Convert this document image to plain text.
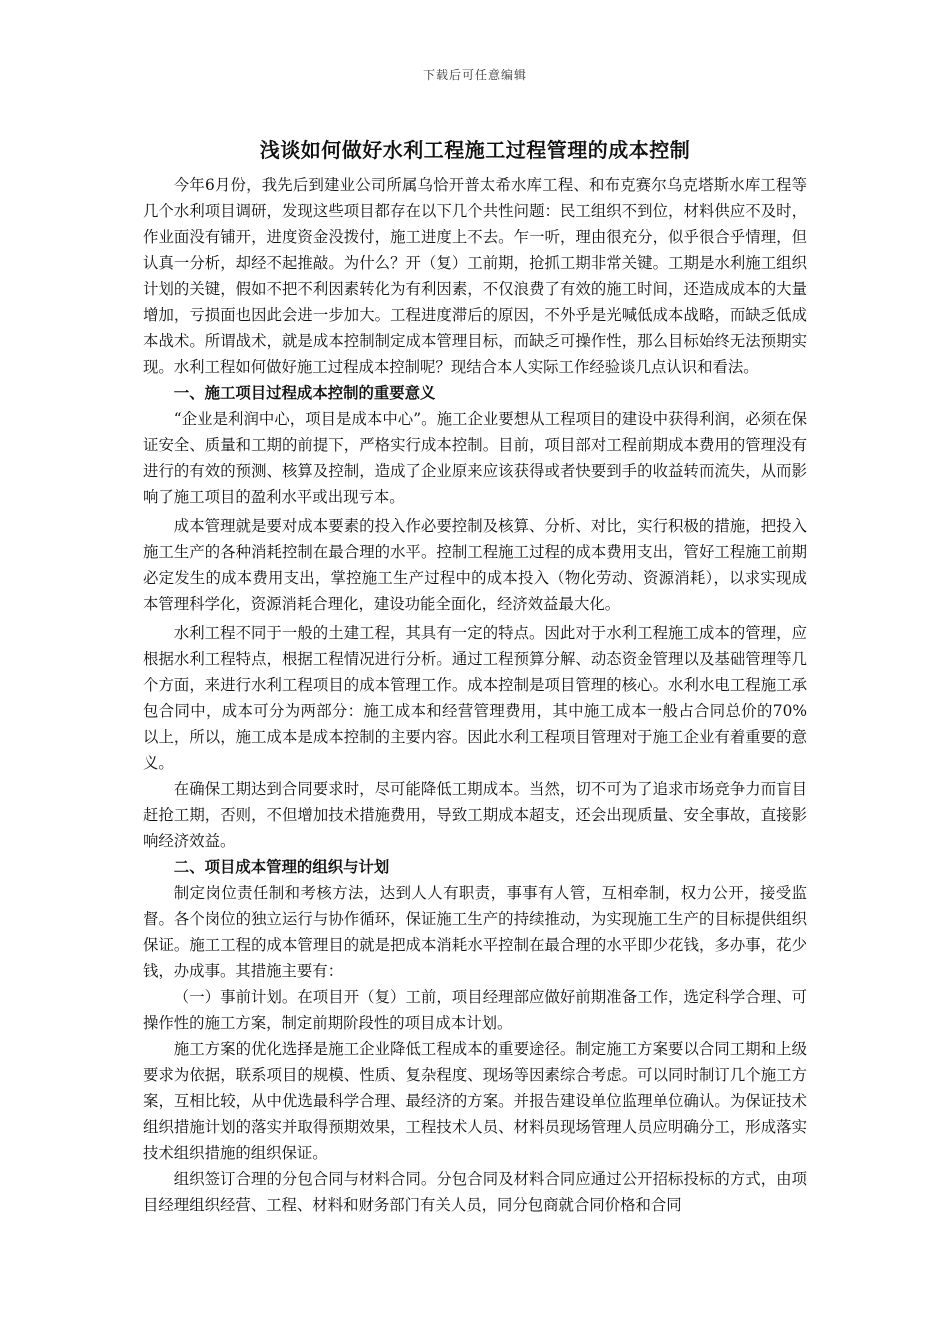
下载后可任意编辑
浅谈如何做好水利工程施工过程管理的成本控制

今年6月份，我先后到建业公司所属乌恰开普太希水库工程、和布克赛尔乌克塔斯水库工程等几个水利项目调研，发现这些项目都存在以下几个共性问题：民工组织不到位，材料供应不及时，作业面没有铺开，进度资金没拨付，施工进度上不去。乍一听，理由很充分，似乎很合乎情理，但认真一分析，却经不起推敲。为什么？开（复）工前期，抢抓工期非常关键。工期是水利施工组织计划的关键，假如不把不利因素转化为有利因素，不仅浪费了有效的施工时间，还造成成本的大量增加，亏损面也因此会进一步加大。工程进度滞后的原因，不外乎是光喊低成本战略，而缺乏低成本战术。所谓战术，就是成本控制制定成本管理目标，而缺乏可操作性，那么目标始终无法预期实现。水利工程如何做好施工过程成本控制呢？现结合本人实际工作经验谈几点认识和看法。

一、施工项目过程成本控制的重要意义

“企业是利润中心，项目是成本中心”。施工企业要想从工程项目的建设中获得利润，必须在保证安全、质量和工期的前提下，严格实行成本控制。目前，项目部对工程前期成本费用的管理没有进行的有效的预测、核算及控制，造成了企业原来应该获得或者快要到手的收益转而流失，从而影响了施工项目的盈利水平或出现亏本。

成本管理就是要对成本要素的投入作必要控制及核算、分析、对比，实行积极的措施，把投入施工生产的各种消耗控制在最合理的水平。控制工程施工过程的成本费用支出，管好工程施工前期必定发生的成本费用支出，掌控施工生产过程中的成本投入（物化劳动、资源消耗），以求实现成本管理科学化，资源消耗合理化，建设功能全面化，经济效益最大化。

水利工程不同于一般的土建工程，其具有一定的特点。因此对于水利工程施工成本的管理，应根据水利工程特点，根据工程情况进行分析。通过工程预算分解、动态资金管理以及基础管理等几个方面，来进行水利工程项目的成本管理工作。成本控制是项目管理的核心。水利水电工程施工承包合同中，成本可分为两部分：施工成本和经营管理费用，其中施工成本一般占合同总价的70%以上，所以，施工成本是成本控制的主要内容。因此水利工程项目管理对于施工企业有着重要的意义。

在确保工期达到合同要求时，尽可能降低工期成本。当然，切不可为了追求市场竞争力而盲目赶抢工期，否则，不但增加技术措施费用，导致工期成本超支，还会出现质量、安全事故，直接影响经济效益。

二、项目成本管理的组织与计划

制定岗位责任制和考核方法，达到人人有职责，事事有人管，互相牵制，权力公开，接受监督。各个岗位的独立运行与协作循环，保证施工生产的持续推动，为实现施工生产的目标提供组织保证。施工工程的成本管理目的就是把成本消耗水平控制在最合理的水平即少花钱，多办事，花少钱，办成事。其措施主要有：

（一）事前计划。在项目开（复）工前，项目经理部应做好前期准备工作，选定科学合理、可操作性的施工方案，制定前期阶段性的项目成本计划。

施工方案的优化选择是施工企业降低工程成本的重要途径。制定施工方案要以合同工期和上级要求为依据，联系项目的规模、性质、复杂程度、现场等因素综合考虑。可以同时制订几个施工方案，互相比较，从中优选最科学合理、最经济的方案。并报告建设单位监理单位确认。为保证技术组织措施计划的落实并取得预期效果，工程技术人员、材料员现场管理人员应明确分工，形成落实技术组织措施的组织保证。

组织签订合理的分包合同与材料合同。分包合同及材料合同应通过公开招标投标的方式，由项目经理组织经营、工程、材料和财务部门有关人员，同分包商就合同价格和合同
